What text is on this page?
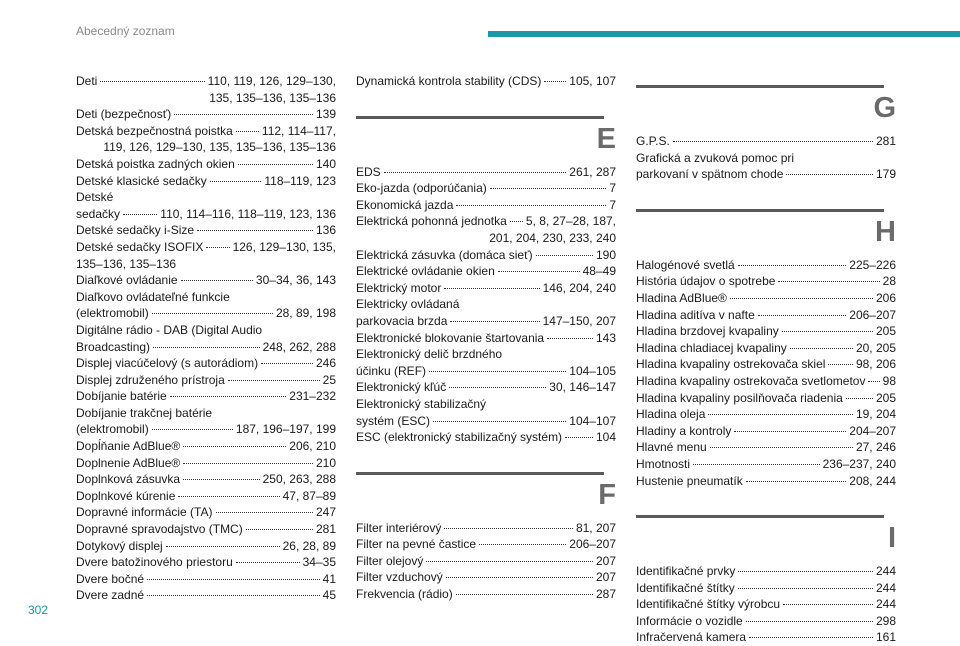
Abecedný zoznam
Deti	110, 119, 126, 129–130,
135, 135–136, 135–136
Deti (bezpečnosť)	139
Detská bezpečnostná poistka 112, 114–117,
119, 126, 129–130, 135, 135–136, 135–136
Detská poistka zadných okien	140
Detské klasické sedačky	118–119, 123
Detské
sedačky	110, 114–116, 118–119, 123, 136
Detské sedačky i-Size	136
Detské sedačky ISOFIX 126, 129–130, 135,
135–136, 135–136
Diaľkové ovládanie	30–34, 36, 143
Diaľkovo ovládateľné funkcie
(elektromobil)	28, 89, 198
Digitálne rádio - DAB (Digital Audio
Broadcasting)	248, 262, 288
Displej viacúčelový (s autorádiom)	246
Displej združeného prístroja	25
Dobíjanie batérie	231–232
Dobíjanie trakčnej batérie
(elektromobil)	187, 196–197, 199
Dopĺňanie AdBlue®	206, 210
Doplnenie AdBlue®	210
Doplnková zásuvka	250, 263, 288
Doplnkové kúrenie	47, 87–89
Dopravné informácie (TA)	247
Dopravné spravodajstvo (TMC)	281
Dotykový displej	26, 28, 89
Dvere batožinového priestoru	34–35
Dvere bočné	41
Dvere zadné	45
Dynamická kontrola stability (CDS) 105, 107
E
EDS	261, 287
Eko-jazda (odporúčania)	7
Ekonomická jazda	7
Elektrická pohonná jednotka 5, 8, 27–28, 187,
201, 204, 230, 233, 240
Elektrická zásuvka (domáca sieť)	190
Elektrické ovládanie okien	48–49
Elektrický motor	146, 204, 240
Elektricky ovládaná
parkovacia brzda	147–150, 207
Elektronické blokovanie štartovania	143
Elektronický delič brzdného
účinku (REF)	104–105
Elektronický kľúč	30, 146–147
Elektronický stabilizačný
systém (ESC)	104–107
ESC (elektronický stabilizačný systém)	104
F
Filter interiérový	81, 207
Filter na pevné častice	206–207
Filter olejový	207
Filter vzduchový	207
Frekvencia (rádio)	287
G
G.P.S.	281
Grafická a zvuková pomoc pri
parkovaní v spätnom chode	179
H
Halogénové svetlá	225–226
História údajov o spotrebe	28
Hladina AdBlue®	206
Hladina aditíva v nafte	206–207
Hladina brzdovej kvapaliny	205
Hladina chladiacej kvapaliny	20, 205
Hladina kvapaliny ostrekovača skiel	98, 206
Hladina kvapaliny ostrekovača svetlometov 98
Hladina kvapaliny posilňovača riadenia	205
Hladina oleja	19, 204
Hladiny a kontroly	204–207
Hlavné menu	27, 246
Hmotnosti	236–237, 240
Hustenie pneumatík	208, 244
I
Identifikačné prvky	244
Identifikačné štítky	244
Identifikačné štítky výrobcu	244
Informácie o vozidle	298
Infračervená kamera	161
302
